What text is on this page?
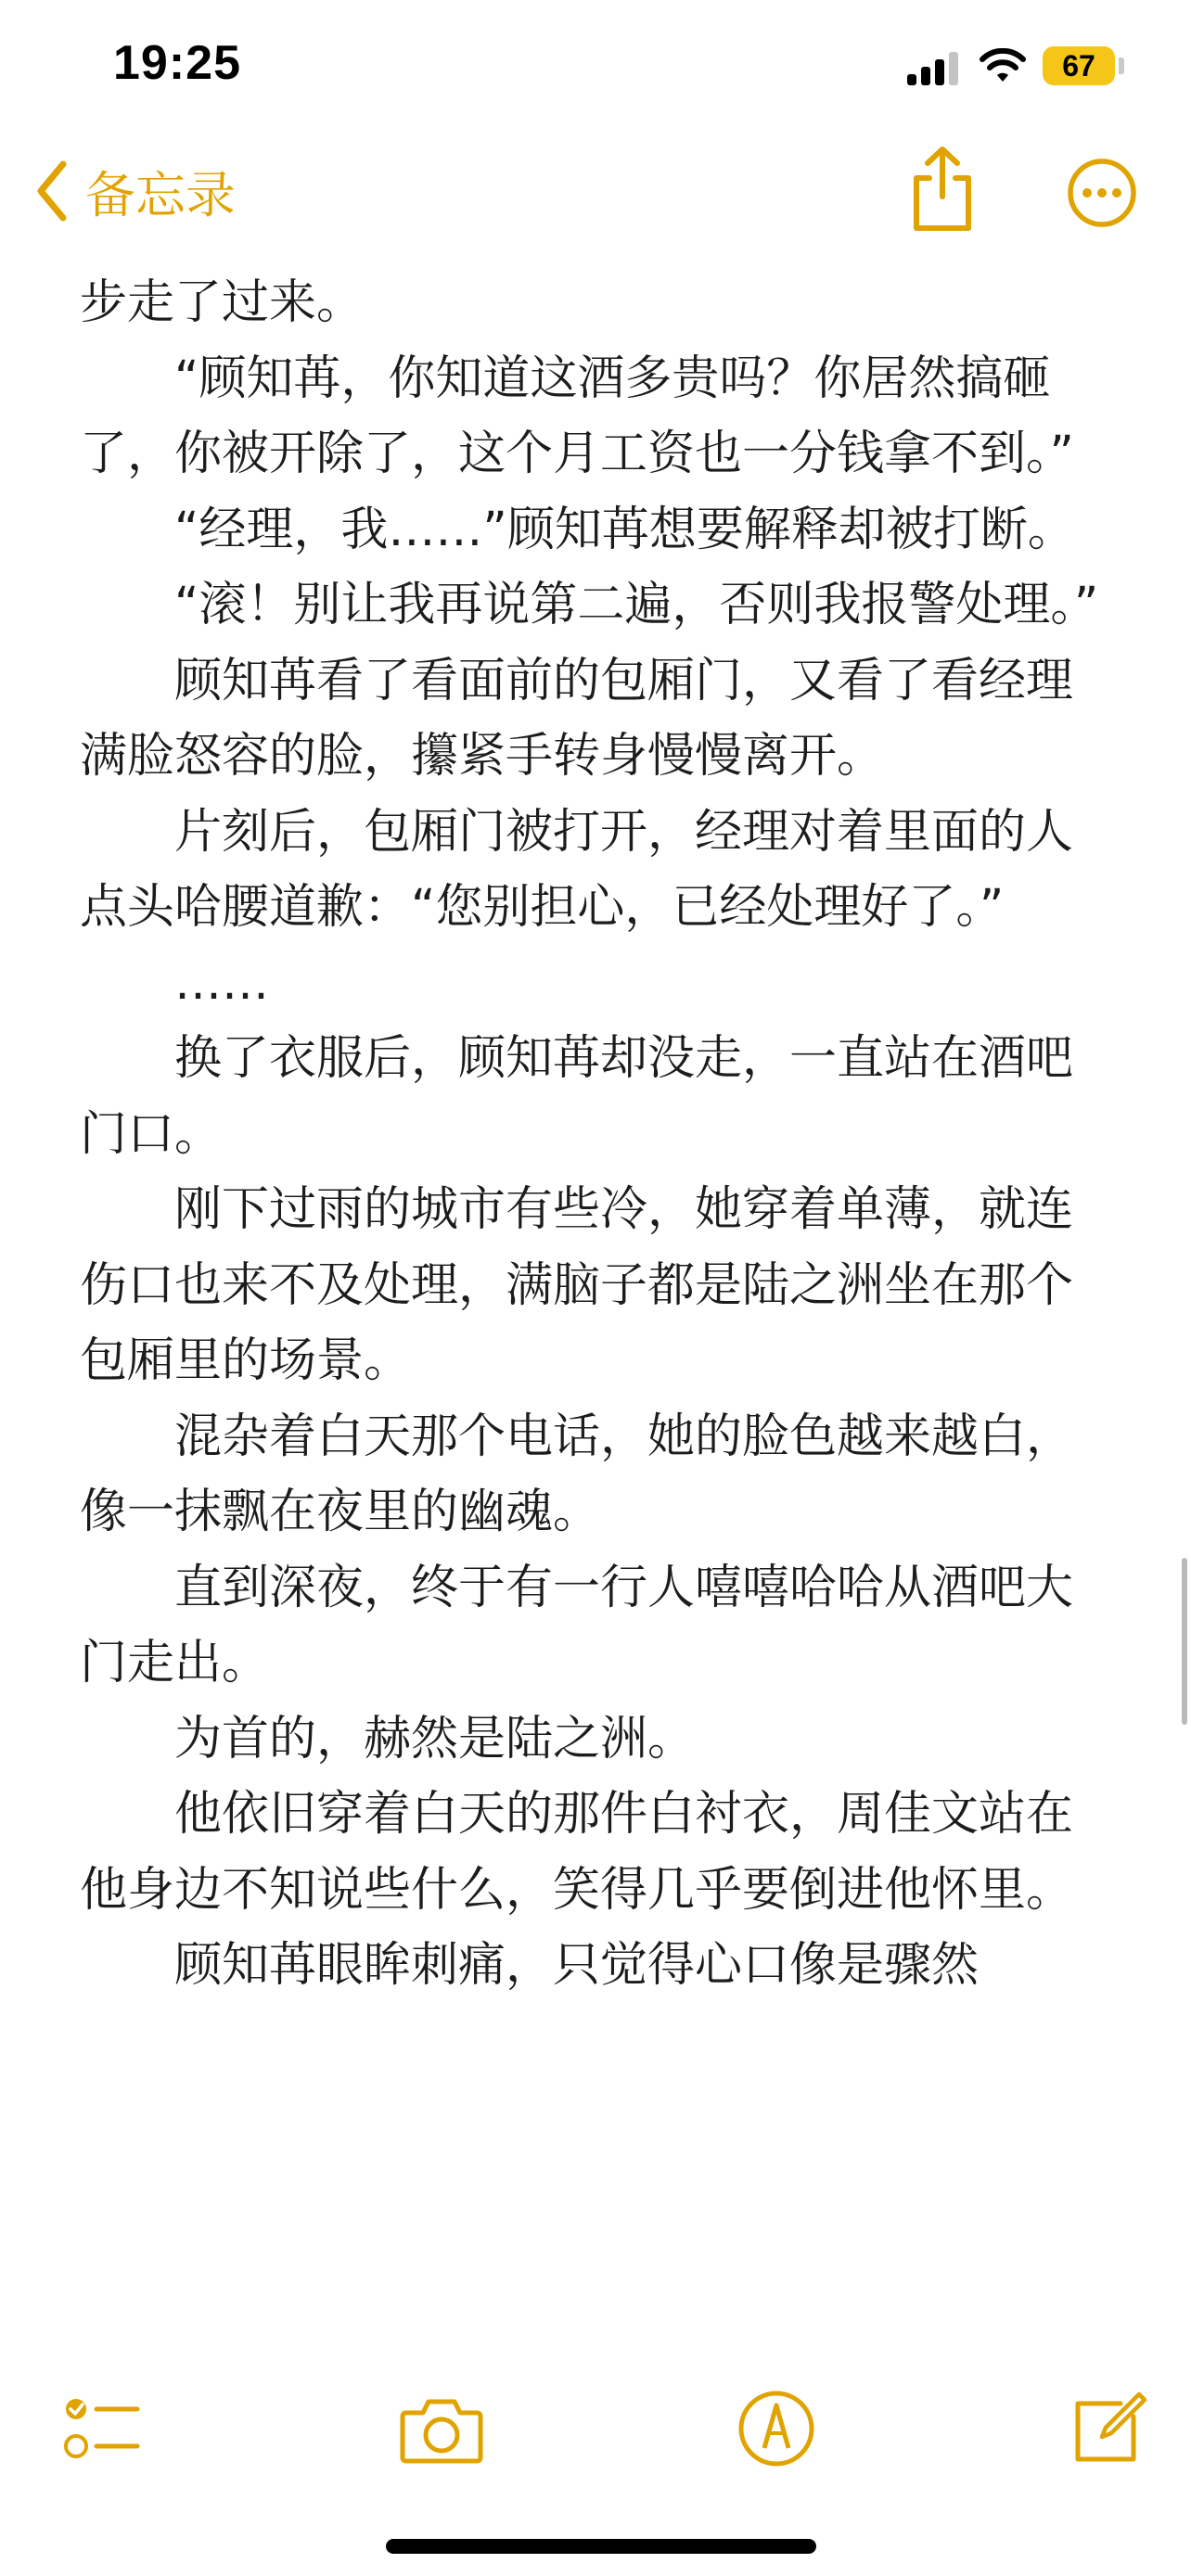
19:25	67

备忘录

步走了过来。

“顾知苒，你知道这酒多贵吗？你居然搞砸了，你被开除了，这个月工资也一分钱拿不到。”

“经理，我……”顾知苒想要解释却被打断。

“滚！别让我再说第二遍，否则我报警处理。”

顾知苒看了看面前的包厢门，又看了看经理满脸怒容的脸，攥紧手转身慢慢离开。

片刻后，包厢门被打开，经理对着里面的人点头哈腰道歉：“您别担心，已经处理好了。”

……

换了衣服后，顾知苒却没走，一直站在酒吧门口。

刚下过雨的城市有些冷，她穿着单薄，就连伤口也来不及处理，满脑子都是陆之洲坐在那个包厢里的场景。

混杂着白天那个电话，她的脸色越来越白，像一抹飘在夜里的幽魂。

直到深夜，终于有一行人嘻嘻哈哈从酒吧大门走出。

为首的，赫然是陆之洲。

他依旧穿着白天的那件白衬衣，周佳文站在他身边不知说些什么，笑得几乎要倒进他怀里。

顾知苒眼眸刺痛，只觉得心口像是骤然
